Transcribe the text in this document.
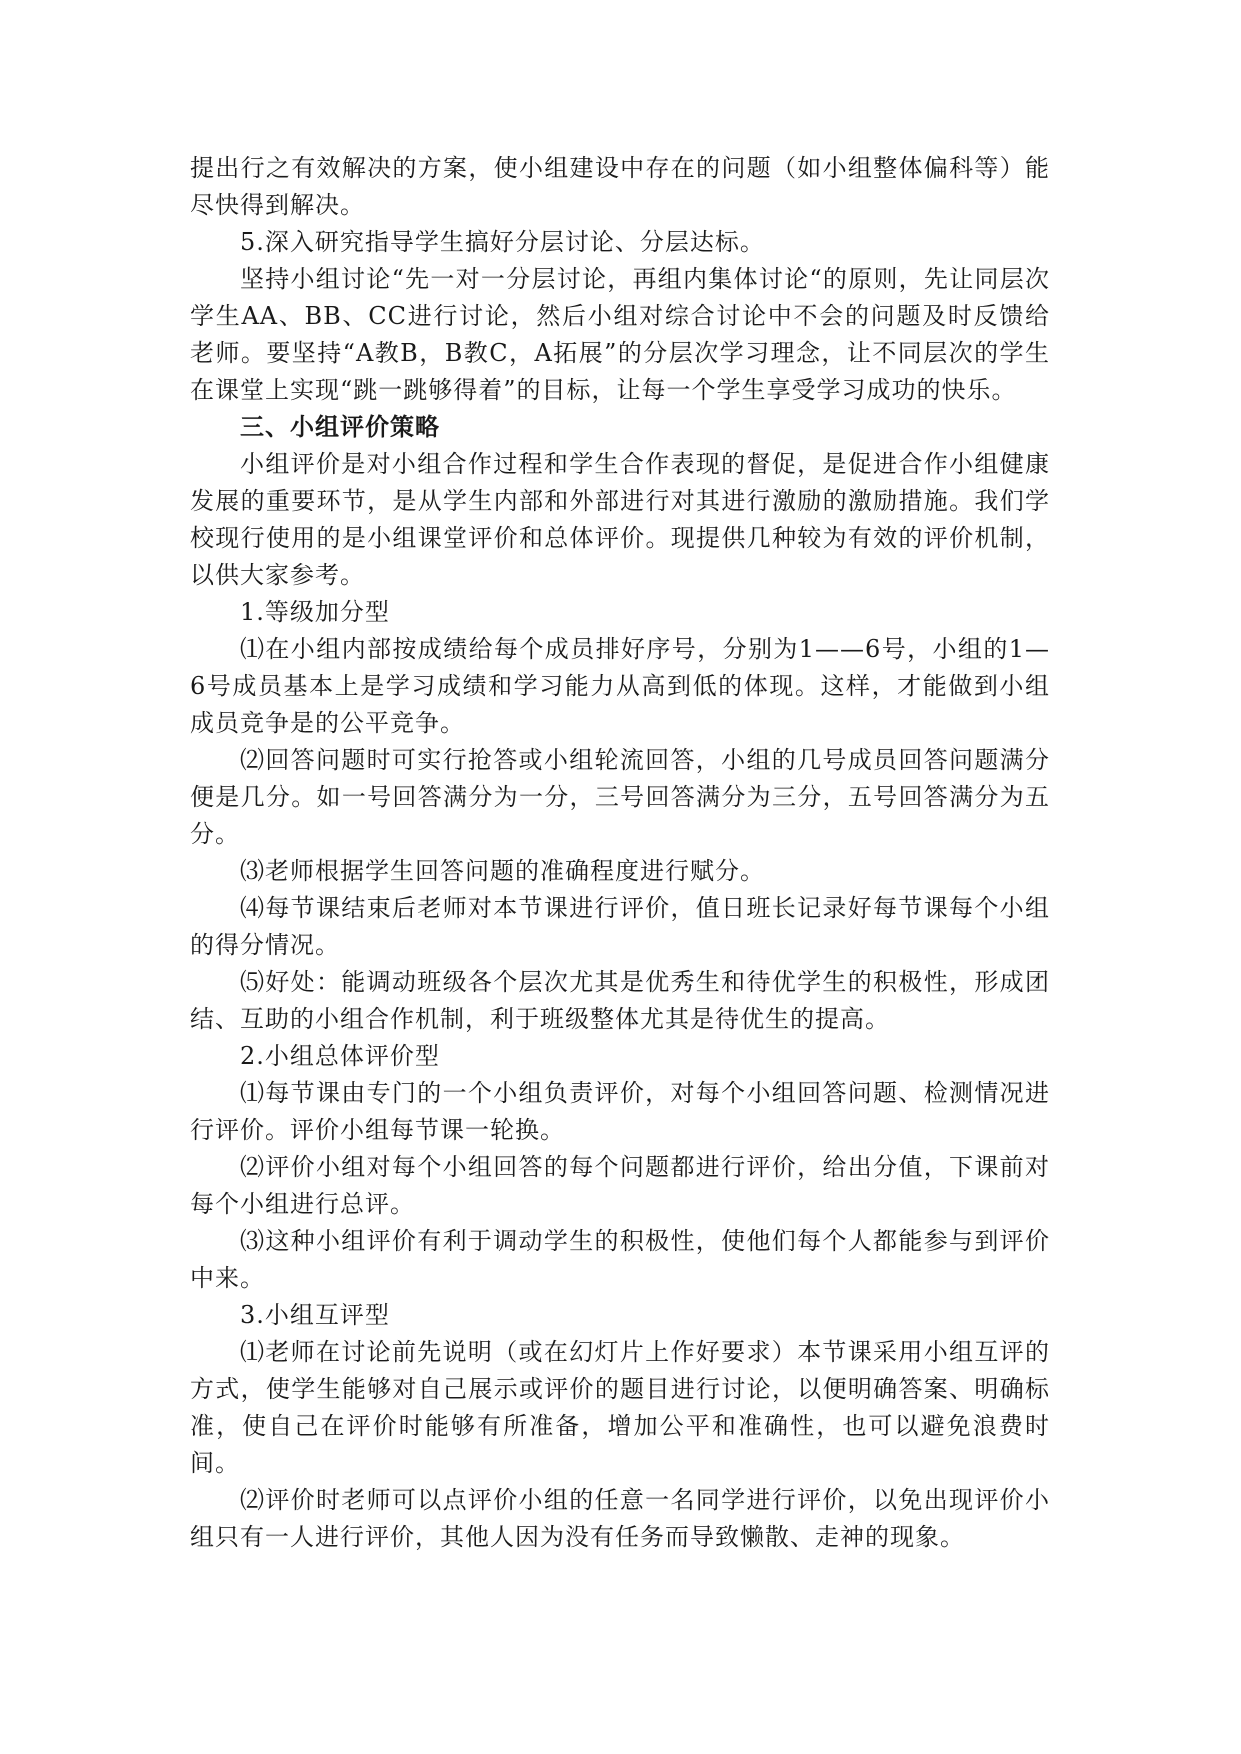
提出行之有效解决的方案，使小组建设中存在的问题（如小组整体偏科等）能尽快得到解决。

5.深入研究指导学生搞好分层讨论、分层达标。

坚持小组讨论“先一对一分层讨论，再组内集体讨论“的原则，先让同层次学生AA、BB、CC进行讨论，然后小组对综合讨论中不会的问题及时反馈给老师。要坚持“A教B，B教C，A拓展”的分层次学习理念，让不同层次的学生在课堂上实现“跳一跳够得着”的目标，让每一个学生享受学习成功的快乐。

三、小组评价策略

小组评价是对小组合作过程和学生合作表现的督促，是促进合作小组健康发展的重要环节，是从学生内部和外部进行对其进行激励的激励措施。我们学校现行使用的是小组课堂评价和总体评价。现提供几种较为有效的评价机制，以供大家参考。

1.等级加分型

⑴在小组内部按成绩给每个成员排好序号，分别为1——6号，小组的1—6号成员基本上是学习成绩和学习能力从高到低的体现。这样，才能做到小组成员竞争是的公平竞争。

⑵回答问题时可实行抢答或小组轮流回答，小组的几号成员回答问题满分便是几分。如一号回答满分为一分，三号回答满分为三分，五号回答满分为五分。

⑶老师根据学生回答问题的准确程度进行赋分。

⑷每节课结束后老师对本节课进行评价，值日班长记录好每节课每个小组的得分情况。

⑸好处：能调动班级各个层次尤其是优秀生和待优学生的积极性，形成团结、互助的小组合作机制，利于班级整体尤其是待优生的提高。

2.小组总体评价型

⑴每节课由专门的一个小组负责评价，对每个小组回答问题、检测情况进行评价。评价小组每节课一轮换。

⑵评价小组对每个小组回答的每个问题都进行评价，给出分值，下课前对每个小组进行总评。

⑶这种小组评价有利于调动学生的积极性，使他们每个人都能参与到评价中来。

3.小组互评型

⑴老师在讨论前先说明（或在幻灯片上作好要求）本节课采用小组互评的方式，使学生能够对自己展示或评价的题目进行讨论，以便明确答案、明确标准，使自己在评价时能够有所准备，增加公平和准确性，也可以避免浪费时间。

⑵评价时老师可以点评价小组的任意一名同学进行评价，以免出现评价小组只有一人进行评价，其他人因为没有任务而导致懒散、走神的现象。
